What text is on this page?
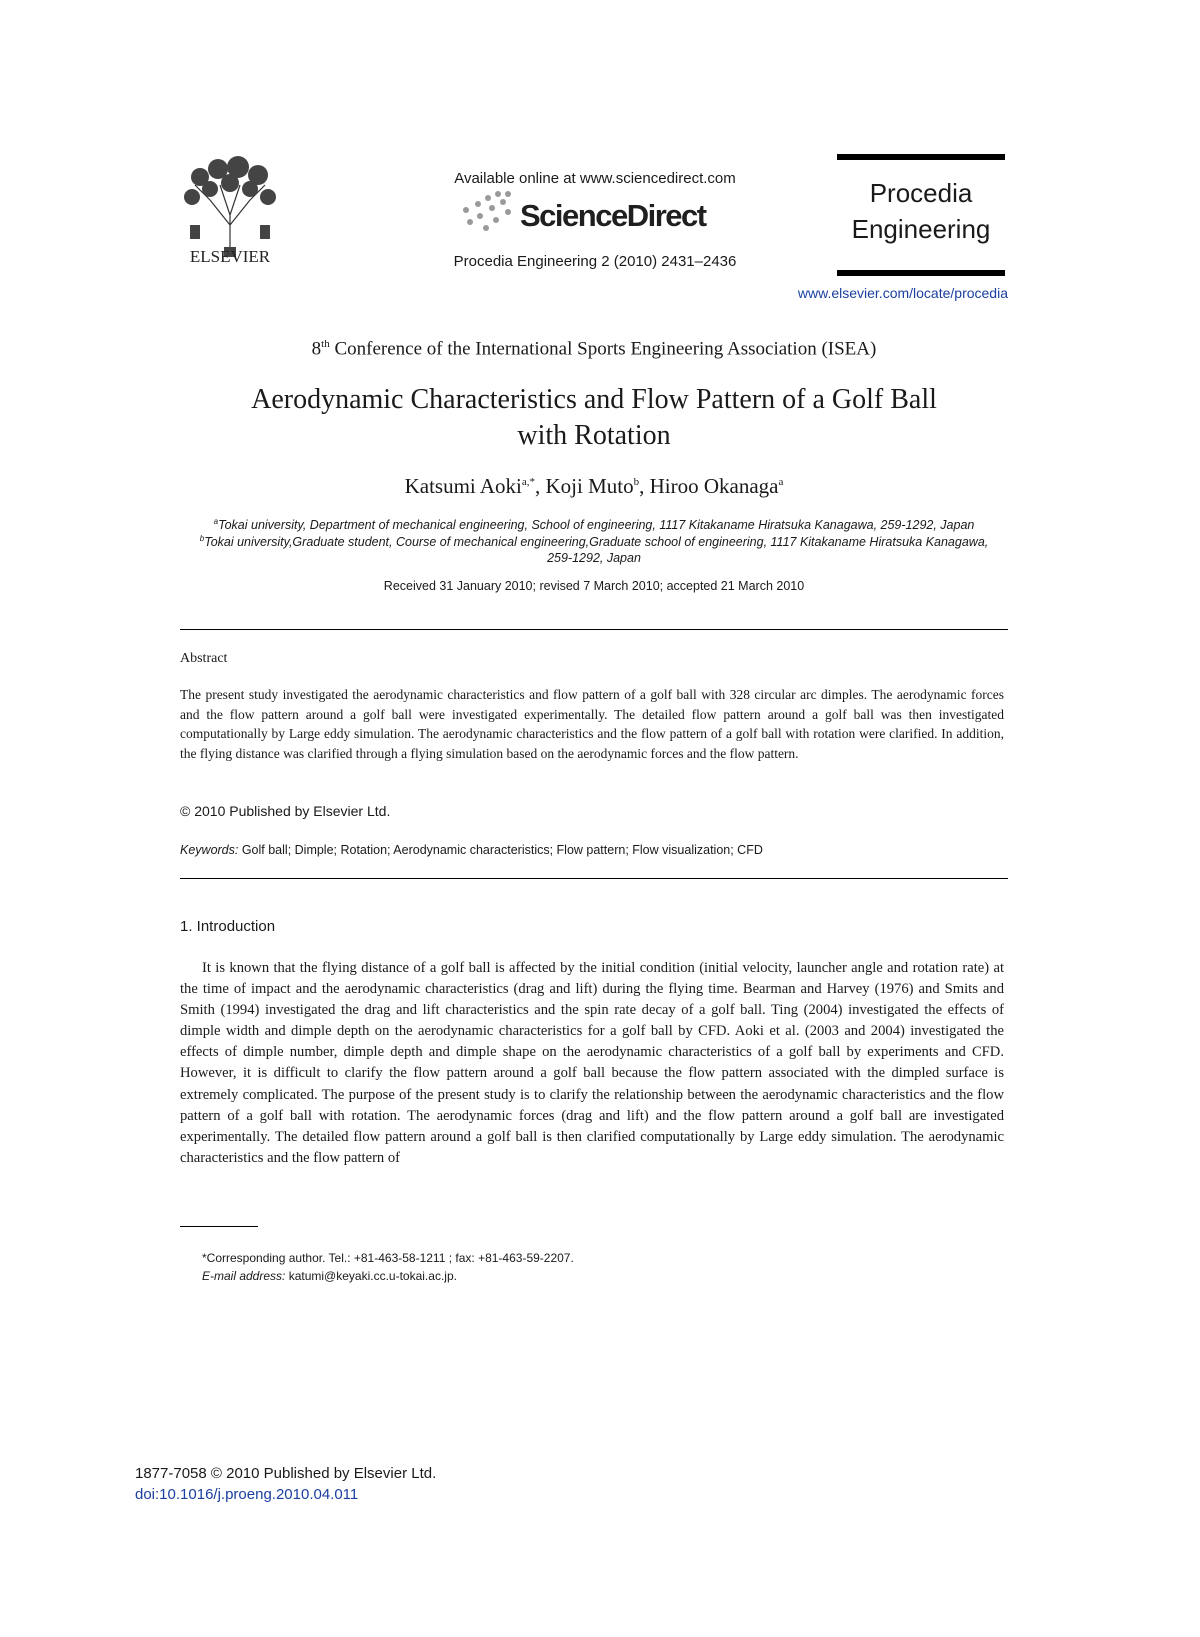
ELSEVIER
Available online at www.sciencedirect.com
ScienceDirect
Procedia Engineering 2 (2010) 2431–2436
Procedia
Engineering
www.elsevier.com/locate/procedia
8th Conference of the International Sports Engineering Association (ISEA)
Aerodynamic Characteristics and Flow Pattern of a Golf Ball
with Rotation
Katsumi Aoki$^{a,*}$, Koji Muto$^b$, Hiroo Okanaga$^a$
$^a$Tokai university, Department of mechanical engineering, School of engineering, 1117 Kitakaname Hiratsuka Kanagawa, 259-1292, Japan
$^b$Tokai university,Graduate student, Course of mechanical engineering,Graduate school of engineering, 1117 Kitakaname Hiratsuka Kanagawa,
259-1292, Japan
Received 31 January 2010; revised 7 March 2010; accepted 21 March 2010
Abstract
The present study investigated the aerodynamic characteristics and flow pattern of a golf ball with 328 circular arc dimples. The aerodynamic forces and the flow pattern around a golf ball were investigated experimentally. The detailed flow pattern around a golf ball was then investigated computationally by Large eddy simulation. The aerodynamic characteristics and the flow pattern of a golf ball with rotation were clarified. In addition, the flying distance was clarified through a flying simulation based on the aerodynamic forces and the flow pattern.
© 2010 Published by Elsevier Ltd.
Keywords: Golf ball; Dimple; Rotation; Aerodynamic characteristics; Flow pattern; Flow visualization; CFD
1. Introduction
It is known that the flying distance of a golf ball is affected by the initial condition (initial velocity, launcher angle and rotation rate) at the time of impact and the aerodynamic characteristics (drag and lift) during the flying time. Bearman and Harvey (1976) and Smits and Smith (1994) investigated the drag and lift characteristics and the spin rate decay of a golf ball. Ting (2004) investigated the effects of dimple width and dimple depth on the aerodynamic characteristics for a golf ball by CFD. Aoki et al. (2003 and 2004) investigated the effects of dimple number, dimple depth and dimple shape on the aerodynamic characteristics of a golf ball by experiments and CFD. However, it is difficult to clarify the flow pattern around a golf ball because the flow pattern associated with the dimpled surface is extremely complicated. The purpose of the present study is to clarify the relationship between the aerodynamic characteristics and the flow pattern of a golf ball with rotation. The aerodynamic forces (drag and lift) and the flow pattern around a golf ball are investigated experimentally. The detailed flow pattern around a golf ball is then clarified computationally by Large eddy simulation. The aerodynamic characteristics and the flow pattern of
*Corresponding author. Tel.: +81-463-58-1211 ; fax: +81-463-59-2207.
E-mail address: katumi@keyaki.cc.u-tokai.ac.jp.
1877-7058 © 2010 Published by Elsevier Ltd.
doi:10.1016/j.proeng.2010.04.011
